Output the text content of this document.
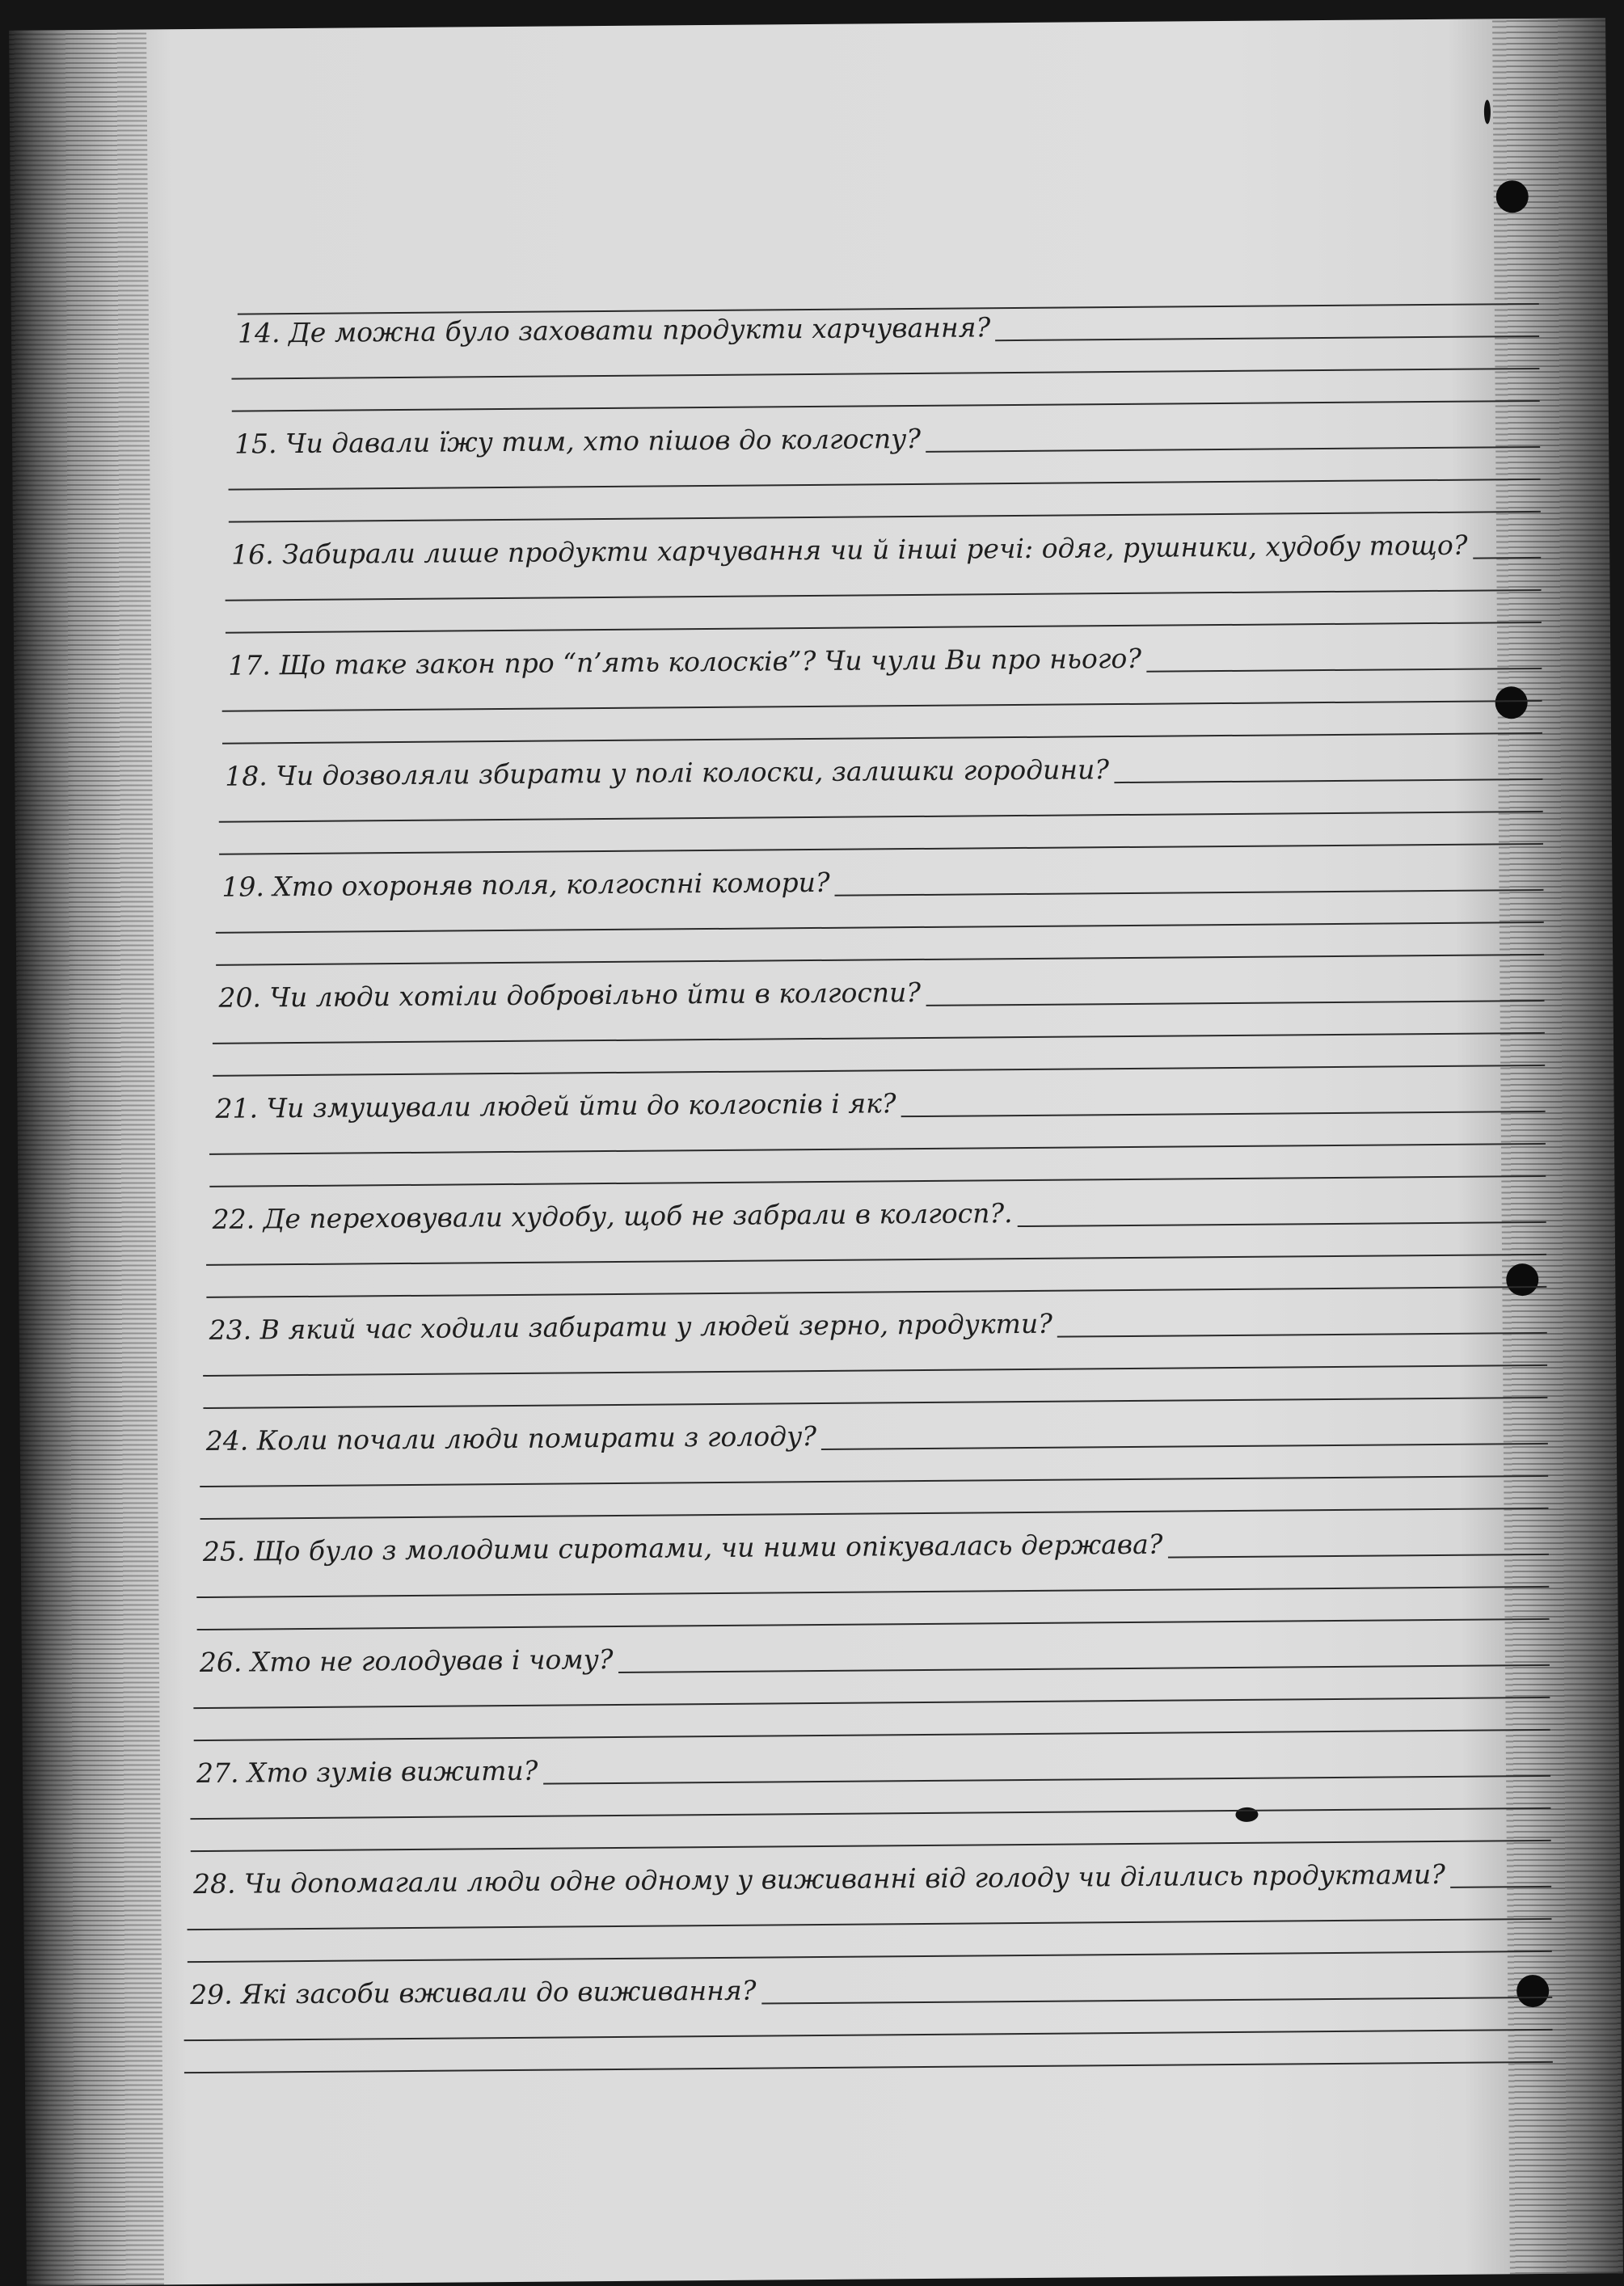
14. Де можна було заховати продукти харчування?
15. Чи давали їжу тим, хто пішов до колгоспу?
16. Забирали лише продукти харчування чи й інші речі: одяг, рушники, худобу тощо?
17. Що таке закон про “п’ять колосків”? Чи чули Ви про нього?
18. Чи дозволяли збирати у полі колоски, залишки городини?
19. Хто охороняв поля, колгоспні комори?
20. Чи люди хотіли добровільно йти в колгоспи?
21. Чи змушували людей йти до колгоспів і як?
22. Де переховували худобу, щоб не забрали в колгосп?.
23. В який час ходили забирати у людей зерно, продукти?
24. Коли почали люди помирати з голоду?
25. Що було з молодими сиротами, чи ними опікувалась держава?
26. Хто не голодував і чому?
27. Хто зумів вижити?
28. Чи допомагали люди одне одному у виживанні від голоду чи ділились продуктами?
29. Які засоби вживали до виживання?
